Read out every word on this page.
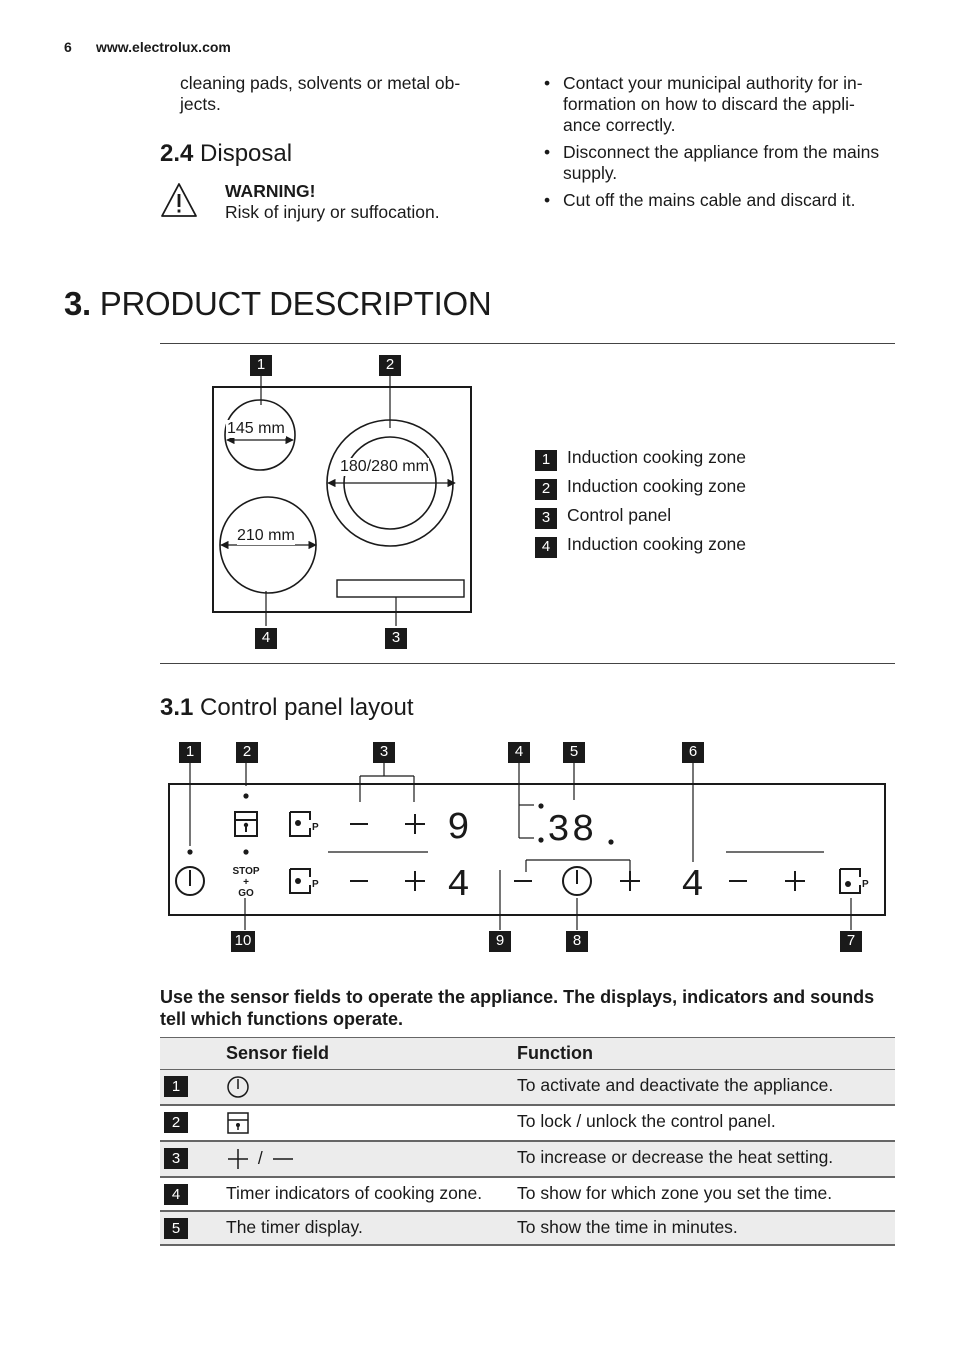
6 www.electrolux.com
cleaning pads, solvents or metal ob-jects.
2.4 Disposal
WARNING!
Risk of injury or suffocation.
• Contact your municipal authority for in-formation on how to discard the appli-ance correctly.
• Disconnect the appliance from the mains supply.
• Cut off the mains cable and discard it.
3. PRODUCT DESCRIPTION
145 mm
180/280 mm
210 mm
1	2
4	3
1 Induction cooking zone
2 Induction cooking zone
3 Control panel
4 Induction cooking zone
3.1 Control panel layout
P
P	P
9 38
4	4
STOP
+
GO
1	2	3	4	5	6
10	9	8	7
Use the sensor fields to operate the appliance. The displays, indicators and sounds tell which functions operate.
	Sensor field	Function
1		To activate and deactivate the appliance.
2		To lock / unlock the control panel.
3	/	To increase or decrease the heat setting.
4	Timer indicators of cooking zone.	To show for which zone you set the time.
5	The timer display.	To show the time in minutes.
